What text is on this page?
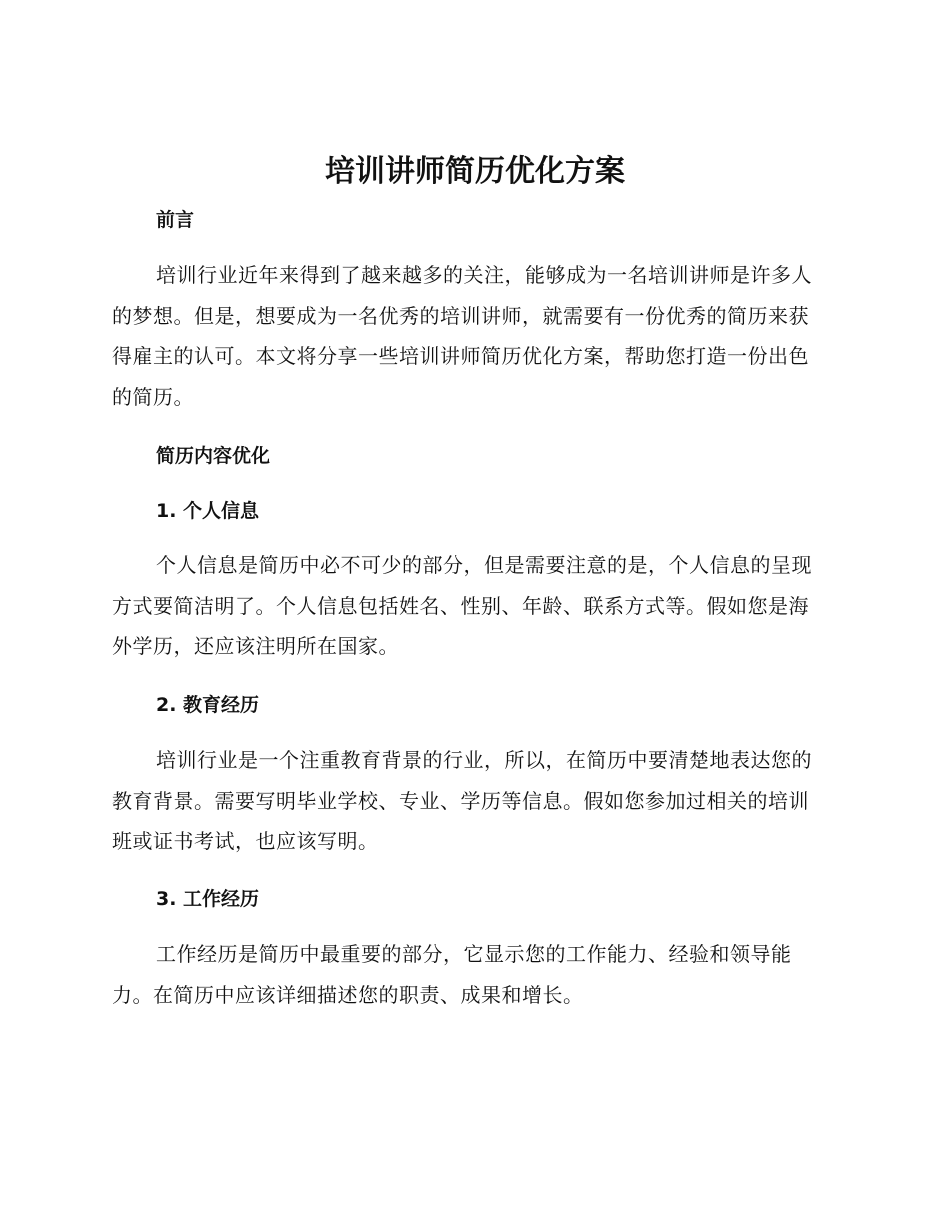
培训讲师简历优化方案
前言

培训行业近年来得到了越来越多的关注，能够成为一名培训讲师是许多人的梦想。但是，想要成为一名优秀的培训讲师，就需要有一份优秀的简历来获得雇主的认可。本文将分享一些培训讲师简历优化方案，帮助您打造一份出色的简历。

简历内容优化
1. 个人信息

个人信息是简历中必不可少的部分，但是需要注意的是，个人信息的呈现方式要简洁明了。个人信息包括姓名、性别、年龄、联系方式等。假如您是海外学历，还应该注明所在国家。

2. 教育经历

培训行业是一个注重教育背景的行业，所以，在简历中要清楚地表达您的教育背景。需要写明毕业学校、专业、学历等信息。假如您参加过相关的培训班或证书考试，也应该写明。

3. 工作经历

工作经历是简历中最重要的部分，它显示您的工作能力、经验和领导能力。在简历中应该详细描述您的职责、成果和增长。
